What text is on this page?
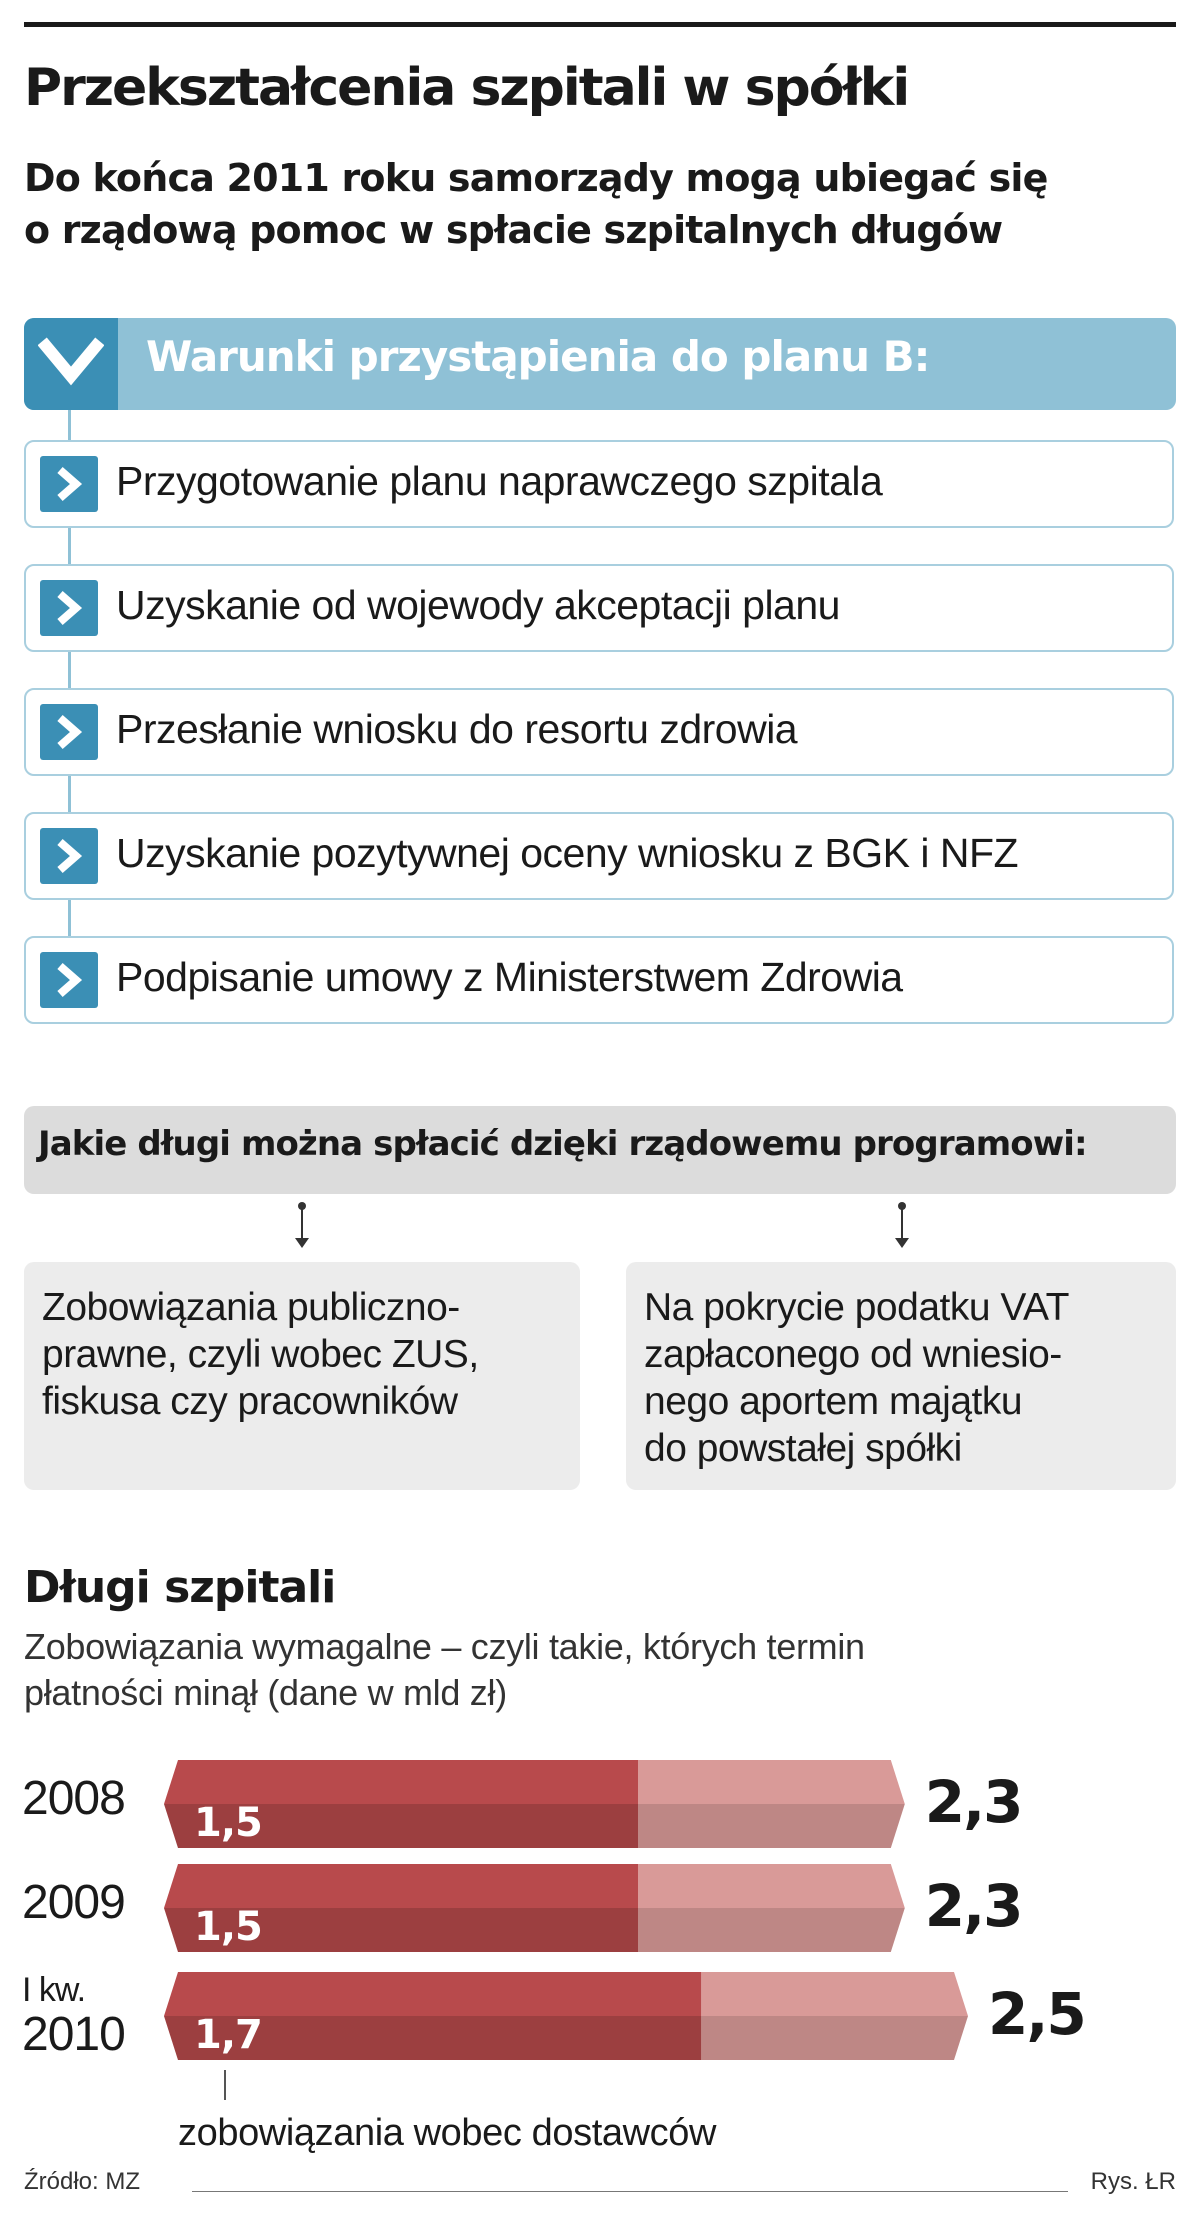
Przekształcenia szpitali w spółki
Do końca 2011 roku samorządy mogą ubiegać się
o rządową pomoc w spłacie szpitalnych długów
Warunki przystąpienia do planu B:
Przygotowanie planu naprawczego szpitala
Uzyskanie od wojewody akceptacji planu
Przesłanie wniosku do resortu zdrowia
Uzyskanie pozytywnej oceny wniosku z BGK i NFZ
Podpisanie umowy z Ministerstwem Zdrowia
Jakie długi można spłacić dzięki rządowemu programowi:
Zobowiązania publiczno-
prawne, czyli wobec ZUS,
fiskusa czy pracowników
Na pokrycie podatku VAT
zapłaconego od wniesio-
nego aportem majątku
do powstałej spółki
Długi szpitali
Zobowiązania wymagalne – czyli takie, których termin
płatności minął (dane w mld zł)
2008
2009
I kw.
2010
1,5	2,3
1,5	2,3
1,7	2,5
zobowiązania wobec dostawców
Źródło: MZ	Rys. ŁR
